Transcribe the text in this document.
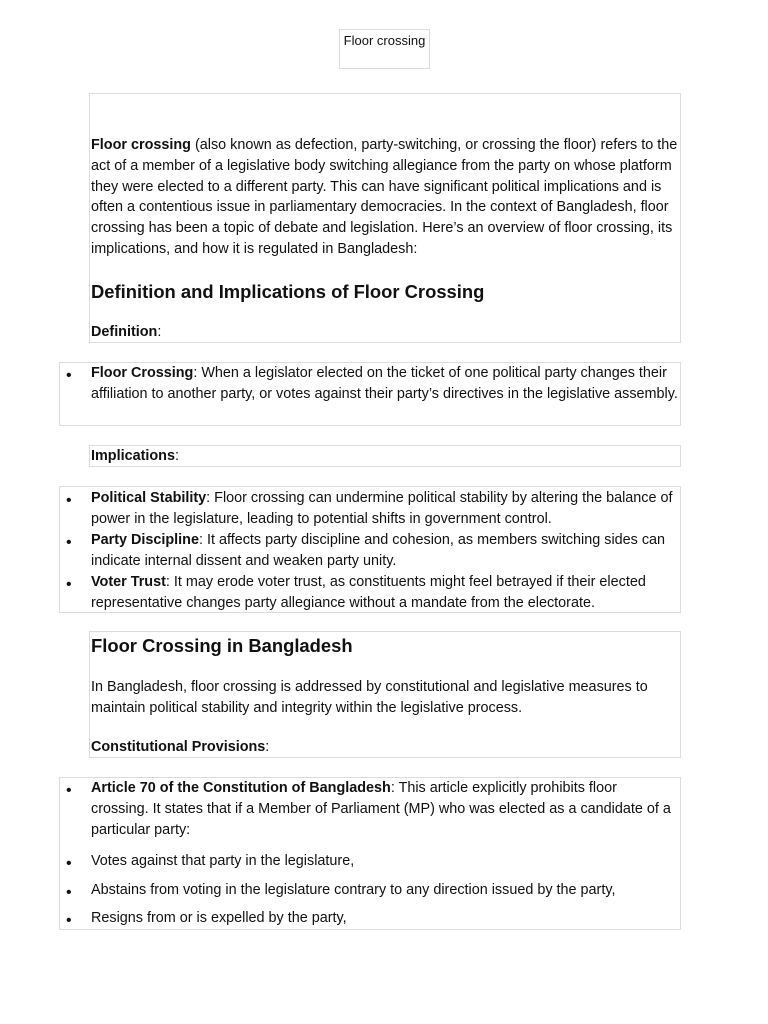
Floor crossing

Floor crossing (also known as defection, party-switching, or crossing the floor) refers to the act of a member of a legislative body switching allegiance from the party on whose platform they were elected to a different party. This can have significant political implications and is often a contentious issue in parliamentary democracies. In the context of Bangladesh, floor crossing has been a topic of debate and legislation. Here’s an overview of floor crossing, its implications, and how it is regulated in Bangladesh:

Definition and Implications of Floor Crossing

Definition:

• Floor Crossing: When a legislator elected on the ticket of one political party changes their affiliation to another party, or votes against their party’s directives in the legislative assembly.

Implications:

• Political Stability: Floor crossing can undermine political stability by altering the balance of power in the legislature, leading to potential shifts in government control.

• Party Discipline: It affects party discipline and cohesion, as members switching sides can indicate internal dissent and weaken party unity.

• Voter Trust: It may erode voter trust, as constituents might feel betrayed if their elected representative changes party allegiance without a mandate from the electorate.

Floor Crossing in Bangladesh

In Bangladesh, floor crossing is addressed by constitutional and legislative measures to maintain political stability and integrity within the legislative process.

Constitutional Provisions:

• Article 70 of the Constitution of Bangladesh: This article explicitly prohibits floor crossing. It states that if a Member of Parliament (MP) who was elected as a candidate of a particular party:

• Votes against that party in the legislature,

• Abstains from voting in the legislature contrary to any direction issued by the party,

• Resigns from or is expelled by the party,
